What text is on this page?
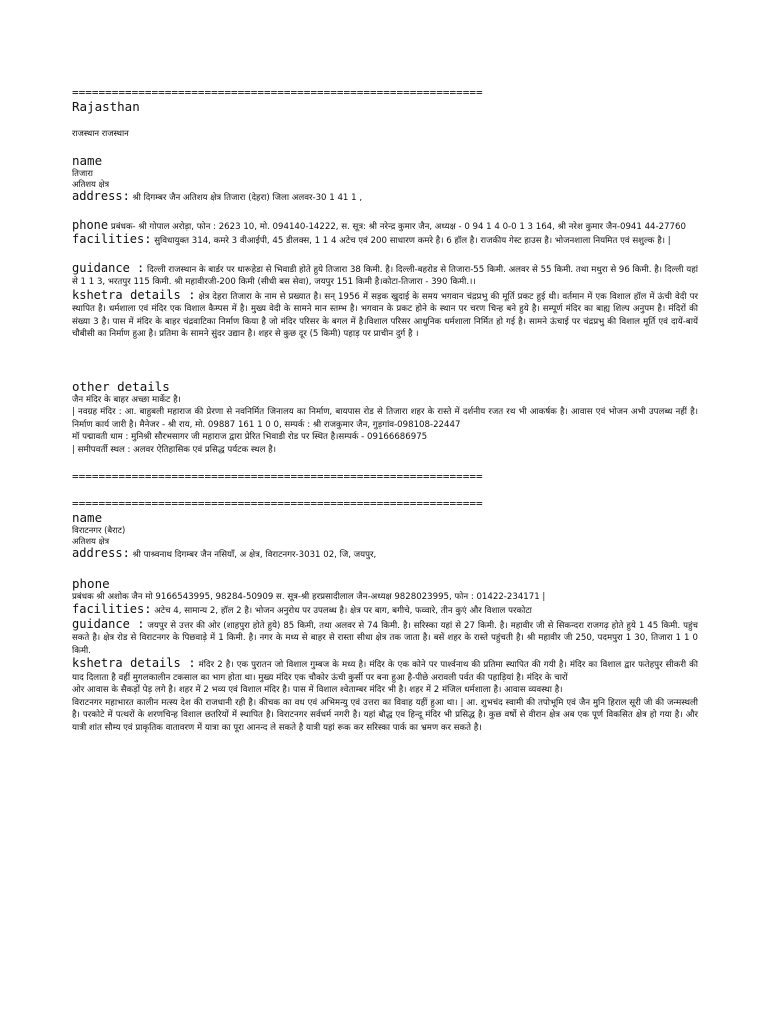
==============================================================
Rajasthan
राजस्थान राजस्थान
name
तिजारा
अतिशय क्षेत्र
address: श्री दिगम्बर जैन अतिशय क्षेत्र तिजारा (देहरा) जिला अलवर-30 1 41 1 ,
phone प्रबंधक- श्री गोपाल अरोड़ा, फोन : 2623 10, मो. 094140-14222, स. सूत्र: श्री नरेन्द्र कुमार जैन, अध्यक्ष - 0 94 1 4 0-0 1 3 164, श्री नरेश कुमार जैन-0941 44-27760
facilities: सुविधायुक्त 314, कमरे 3 वीआईपी, 45 डीलक्स, 1 1 4 अटेच एवं 200 साधारण कमरे है। 6 हॉल है। राजकीय गेस्ट हाउस है। भोजनशाला नियमित एवं सशुल्क है। |
guidance : दिल्ली राजस्थान के बार्डर पर धारूहेडा से भिवाडी होते हुये तिजारा 38 किमी. है। दिल्ली-बहरोड से तिजारा-55 किमी. अलवर से 55 किमी. तथा मथुरा से 96 किमी. है। दिल्ली यहां से 1 1 3, भरतपुर 115 किमी. श्री महावीरजी-200 किमी (सीधी बस सेवा), जयपुर 151 किमी है।कोटा-तिजारा - 390 किमी.।।
kshetra details : क्षेत्र देहरा तिजारा के नाम से प्रख्यात है। सन् 1956 में सड़क खुदाई के समय भगवान चंद्रप्रभु की मूर्ति प्रकट हुई थी। वर्तमान में एक विशाल हॉल में ऊंची वेदी पर स्थापित है। धर्मशाला एवं मंदिर एक विशाल कैम्पस में है। मुख्य वेदी के सामने मान स्तम्भ है। भगवान के प्रकट होने के स्थान पर चरण चिन्ह बने हुये है। सम्पूर्ण मंदिर का बाह्य शिल्प अनुपम है। मंदिरों की संख्या 3 है। पास में मंदिर के बाहर चंद्रवाटिका निर्माण किया है जो मंदिर परिसर के बगल में है।विशाल परिसर आधुनिक धर्मशाला निर्मित हो गई है। सामने ऊंचाई पर चंद्रप्रभु की विशाल मूर्ति एवं दायें-बायें चौबीसी का निर्माण हुआ है। प्रतिमा के सामने सुंदर उद्यान है। शहर से कुछ दूर (5 किमी) पहाड़ पर प्राचीन दुर्ग है ।
other details
जैन मंदिर के बाहर अच्छा मार्केट है।
| नवग्रह मंदिर : आ. बाहुबली महाराज की प्रेरणा से नवनिर्मित जिनालय का निर्माण, बायपास रोड से तिजारा शहर के रास्ते में दर्शनीय रजत रथ भी आकर्षक है। आवास एवं भोजन अभी उपलब्ध नहीं है। निर्माण कार्य जारी है। मैनेजर - श्री राय, मो. 09887 161 1 0 0, सम्पर्क : श्री राजकुमार जैन, गुड़गांव-098108-22447
मॉ पद्मावती धाम : मुनिश्री सौरभसागर जी महाराज द्वारा प्रेरित भिवाडी रोड पर स्थित है।सम्पर्क - 09166686975
| समीपवर्ती स्थल : अलवर ऐतिहासिक एवं प्रसिद्ध पर्यटक स्थल है।
==============================================================
==============================================================
name
विराटनगर (बैराट)
अतिशय क्षेत्र
address: श्री पाश्र्वनाथ दिगम्बर जैन नसियाँ, अ क्षेत्र, विराटनगर-3031 02, जि, जयपुर,
phone
प्रबंधक श्री अशोक जैन मो 9166543995, 98284-50909 स. सूत्र-श्री हरप्रसादीलाल जैन-अध्यक्ष 9828023995, फोन : 01422-234171 |
facilities: अटेच 4, सामान्य 2, हॉल 2 है। भोजन अनुरोध पर उपलब्ध है। क्षेत्र पर बाग, बगीचे, फव्वारे, तीन कुएं और विशाल परकोटा
guidance : जयपुर से उत्तर की ओर (शाहपुरा होते हुये) 85 किमी, तथा अलवर से 74 किमी. है। सरिस्का यहां से 27 किमी. है। महावीर जी से सिकन्दरा राजगढ़ होते हुये 1 45 किमी. पहुंच सकते है। क्षेत्र रोड से विराटनगर के पिछवाड़े में 1 किमी. है। नगर के मध्य से बाहर से रास्ता सीधा क्षेत्र तक जाता है। बसें शहर के रास्ते पहुंचती है। श्री महावीर जी 250, पदमपुरा 1 30, तिजारा 1 1 0 किमी.
kshetra details : मंदिर 2 है। एक पुरातन जो विशाल गुम्बज के मध्य है। मंदिर के एक कोने पर पार्श्वनाथ की प्रतिमा स्थापित की गयी है। मंदिर का विशाल द्वार फतेहपुर सीकरी की याद दिलाता है वहीं मुगलकालीन टकसाल का भाग होता था। मुख्य मंदिर एक चौकोर ऊंची कुर्सी पर बना हुआ है-पीछे अरावली पर्वत की पहाड़ियां है। मंदिर के चारों
ओर आवास के सैकड़ों पेड़ लगे है। शहर में 2 भव्य एवं विशाल मंदिर है। पास में विशाल श्वेताम्बर मंदिर भी है। शहर में 2 मंजिल धर्मशाला है। आवास व्यवस्था है।
विराटनगर महाभारत कालीन मत्स्य देश की राजधानी रही है। कीचक का वध एवं अभिमन्यु एवं उत्तरा का विवाह यहीं हुआ था। | आ. शुभचंद स्वामी की तपोभूमि एवं जैन मुनि हिराल सूरी जी की जन्मस्थली है। परकोटे में पत्थरों के शरणचिन्ह विशाल छतरियों में स्थापित है। विराटनगर सर्वधर्म नगरी है। यहां बौद्ध एव हिन्दू मंदिर भी प्रसिद्ध है। कुछ वर्षो से वीरान क्षेत्र अब एक पूर्ण विकसित क्षेत्र हो गया है। और यात्री शांत सौम्य एवं प्राकृतिक वातावरण में यात्रा का पूरा आनन्द ले सकते है यात्री यहां रूक कर सरिस्का पार्क का भ्रमण कर सकते है।
